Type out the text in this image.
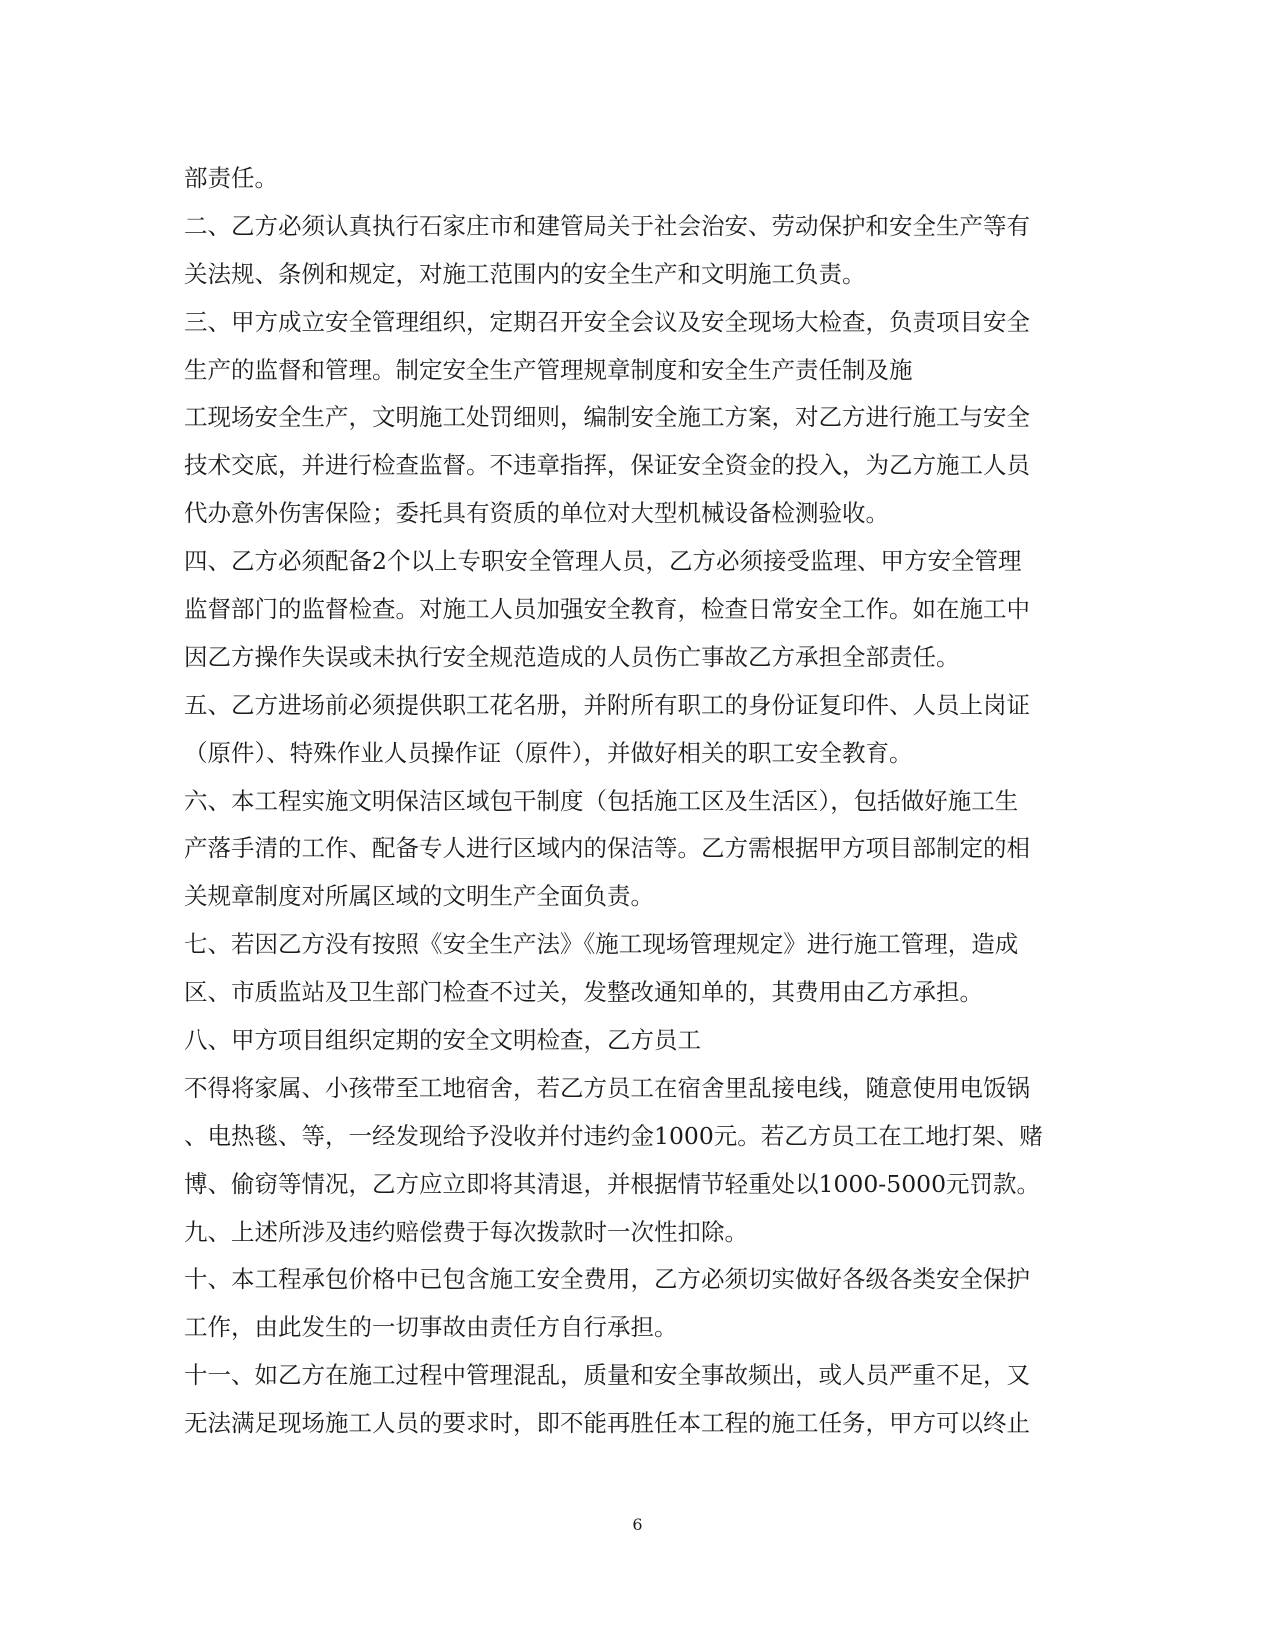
部责任。
二、乙方必须认真执行石家庄市和建管局关于社会治安、劳动保护和安全生产等有
关法规、条例和规定，对施工范围内的安全生产和文明施工负责。
三、甲方成立安全管理组织，定期召开安全会议及安全现场大检查，负责项目安全
生产的监督和管理。制定安全生产管理规章制度和安全生产责任制及施
工现场安全生产，文明施工处罚细则，编制安全施工方案，对乙方进行施工与安全
技术交底，并进行检查监督。不违章指挥，保证安全资金的投入，为乙方施工人员
代办意外伤害保险；委托具有资质的单位对大型机械设备检测验收。
四、乙方必须配备2个以上专职安全管理人员，乙方必须接受监理、甲方安全管理
监督部门的监督检查。对施工人员加强安全教育，检查日常安全工作。如在施工中
因乙方操作失误或未执行安全规范造成的人员伤亡事故乙方承担全部责任。
五、乙方进场前必须提供职工花名册，并附所有职工的身份证复印件、人员上岗证
（原件）、特殊作业人员操作证（原件），并做好相关的职工安全教育。
六、本工程实施文明保洁区域包干制度（包括施工区及生活区），包括做好施工生
产落手清的工作、配备专人进行区域内的保洁等。乙方需根据甲方项目部制定的相
关规章制度对所属区域的文明生产全面负责。
七、若因乙方没有按照《安全生产法》《施工现场管理规定》进行施工管理，造成
区、市质监站及卫生部门检查不过关，发整改通知单的，其费用由乙方承担。
八、甲方项目组织定期的安全文明检查，乙方员工
不得将家属、小孩带至工地宿舍，若乙方员工在宿舍里乱接电线，随意使用电饭锅
、电热毯、等，一经发现给予没收并付违约金1000元。若乙方员工在工地打架、赌
博、偷窃等情况，乙方应立即将其清退，并根据情节轻重处以1000-5000元罚款。
九、上述所涉及违约赔偿费于每次拨款时一次性扣除。
十、本工程承包价格中已包含施工安全费用，乙方必须切实做好各级各类安全保护
工作，由此发生的一切事故由责任方自行承担。
十一、如乙方在施工过程中管理混乱，质量和安全事故频出，或人员严重不足，又
无法满足现场施工人员的要求时，即不能再胜任本工程的施工任务，甲方可以终止
6
